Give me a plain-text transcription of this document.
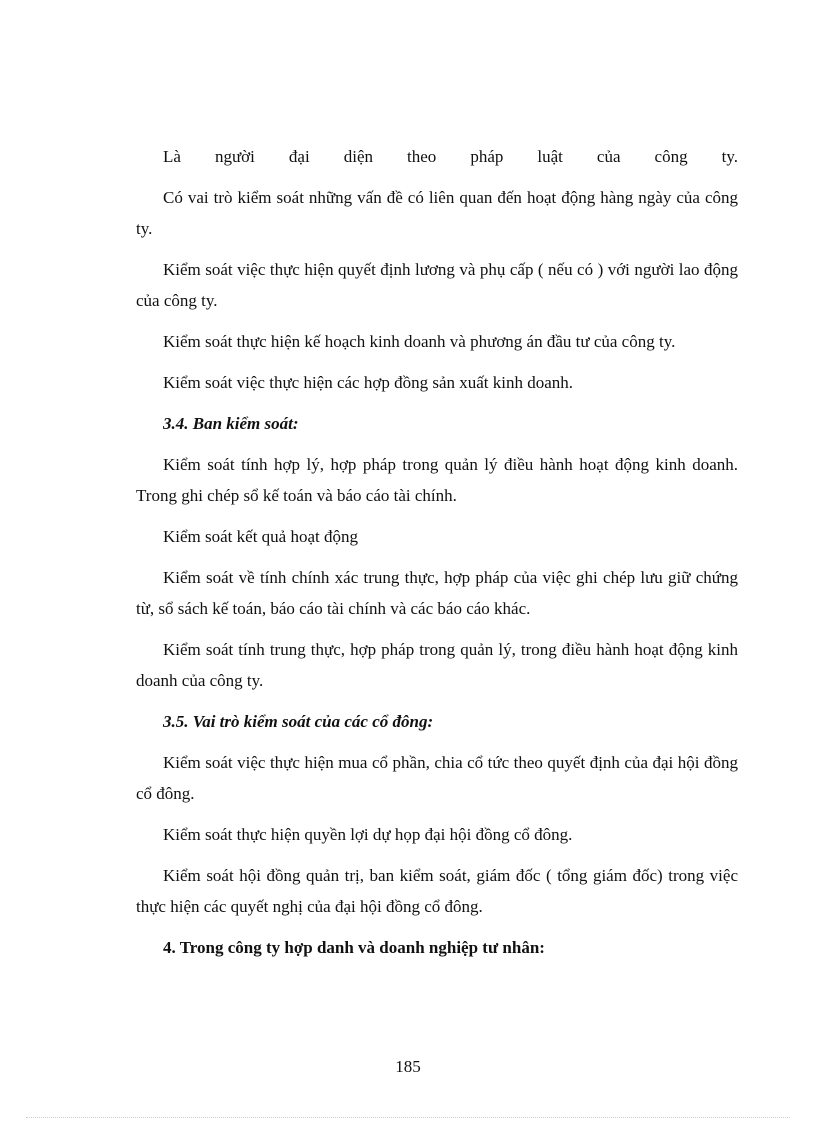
Là người đại diện theo pháp luật của công ty.

Có vai trò kiểm soát những vấn đề có liên quan đến hoạt động hàng ngày của công ty.

Kiểm soát việc thực hiện quyết định lương và phụ cấp ( nếu có ) với người lao động của công ty.

Kiểm soát thực hiện kế hoạch kinh doanh và phương án đầu tư của công ty.

Kiểm soát việc thực hiện các hợp đồng sản xuất kinh doanh.

3.4. Ban kiểm soát:

Kiểm soát tính hợp lý, hợp pháp trong quản lý điều hành hoạt động kinh doanh. Trong ghi chép sổ kế toán và báo cáo tài chính.

Kiểm soát kết quả hoạt động

Kiểm soát về tính chính xác trung thực, hợp pháp của việc ghi chép lưu giữ chứng từ, sổ sách kế toán, báo cáo tài chính và các báo cáo khác.

Kiểm soát tính trung thực, hợp pháp trong quản lý, trong điều hành hoạt động kinh doanh của công ty.

3.5. Vai trò kiểm soát của các cổ đông:

Kiểm soát việc thực hiện mua cổ phần, chia cổ tức theo quyết định của đại hội đồng cổ đông.

Kiểm soát thực hiện quyền lợi dự họp đại hội đồng cổ đông.

Kiểm soát hội đồng quản trị, ban kiểm soát, giám đốc ( tổng giám đốc) trong việc thực hiện các quyết nghị của đại hội đồng cổ đông.

4. Trong công ty hợp danh và doanh nghiệp tư nhân:
185
